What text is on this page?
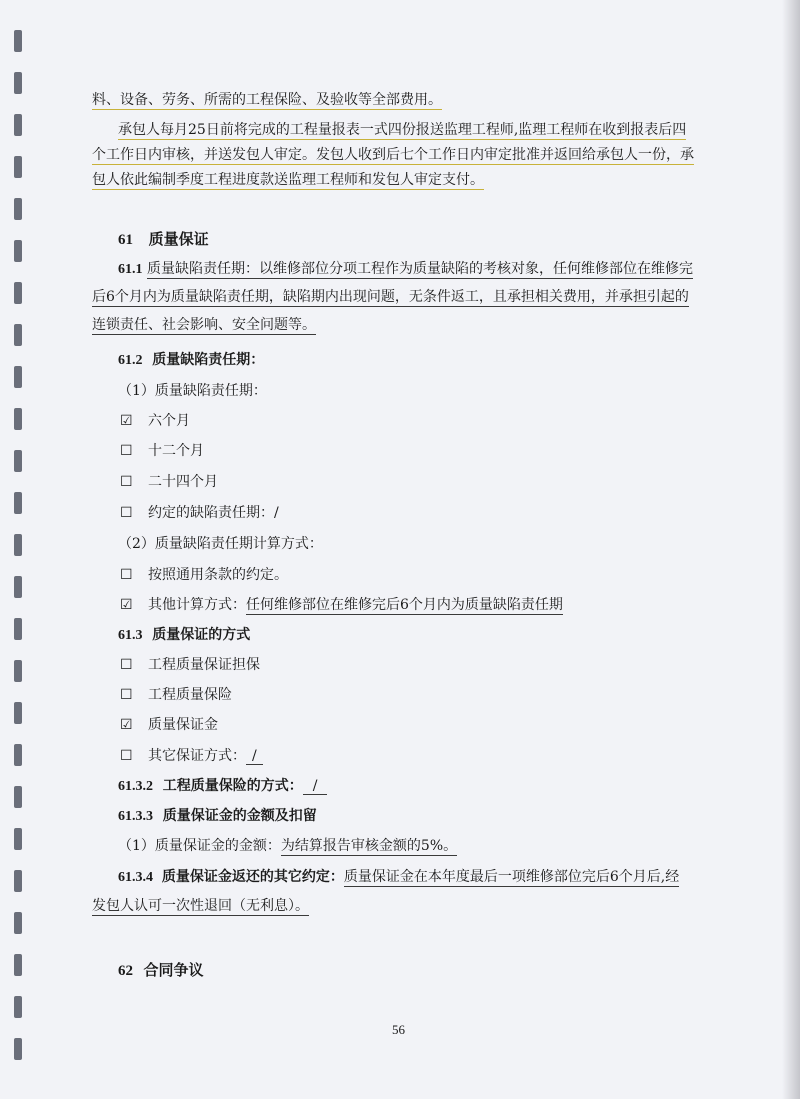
料、设备、劳务、所需的工程保险、及验收等全部费用。
承包人每月25日前将完成的工程量报表一式四份报送监理工程师,监理工程师在收到报表后四
个工作日内审核，并送发包人审定。发包人收到后七个工作日内审定批准并返回给承包人一份，承
包人依此编制季度工程进度款送监理工程师和发包人审定支付。
61 质量保证
61.1 质量缺陷责任期：以维修部位分项工程作为质量缺陷的考核对象，任何维修部位在维修完
后6个月内为质量缺陷责任期，缺陷期内出现问题，无条件返工，且承担相关费用，并承担引起的
连锁责任、社会影响、安全问题等。
61.2 质量缺陷责任期：
（1）质量缺陷责任期：
☑ 六个月
☐ 十二个月
☐ 二十四个月
☐ 约定的缺陷责任期：/
（2）质量缺陷责任期计算方式：
☐ 按照通用条款的约定。
☑ 其他计算方式：任何维修部位在维修完后6个月内为质量缺陷责任期
61.3 质量保证的方式
☐ 工程质量保证担保
☐ 工程质量保险
☑ 质量保证金
☐ 其它保证方式： /
61.3.2 工程质量保险的方式： /
61.3.3 质量保证金的金额及扣留
（1）质量保证金的金额：为结算报告审核金额的5%。
61.3.4 质量保证金返还的其它约定：质量保证金在本年度最后一项维修部位完后6个月后,经
发包人认可一次性退回（无利息）。
62 合同争议
56
